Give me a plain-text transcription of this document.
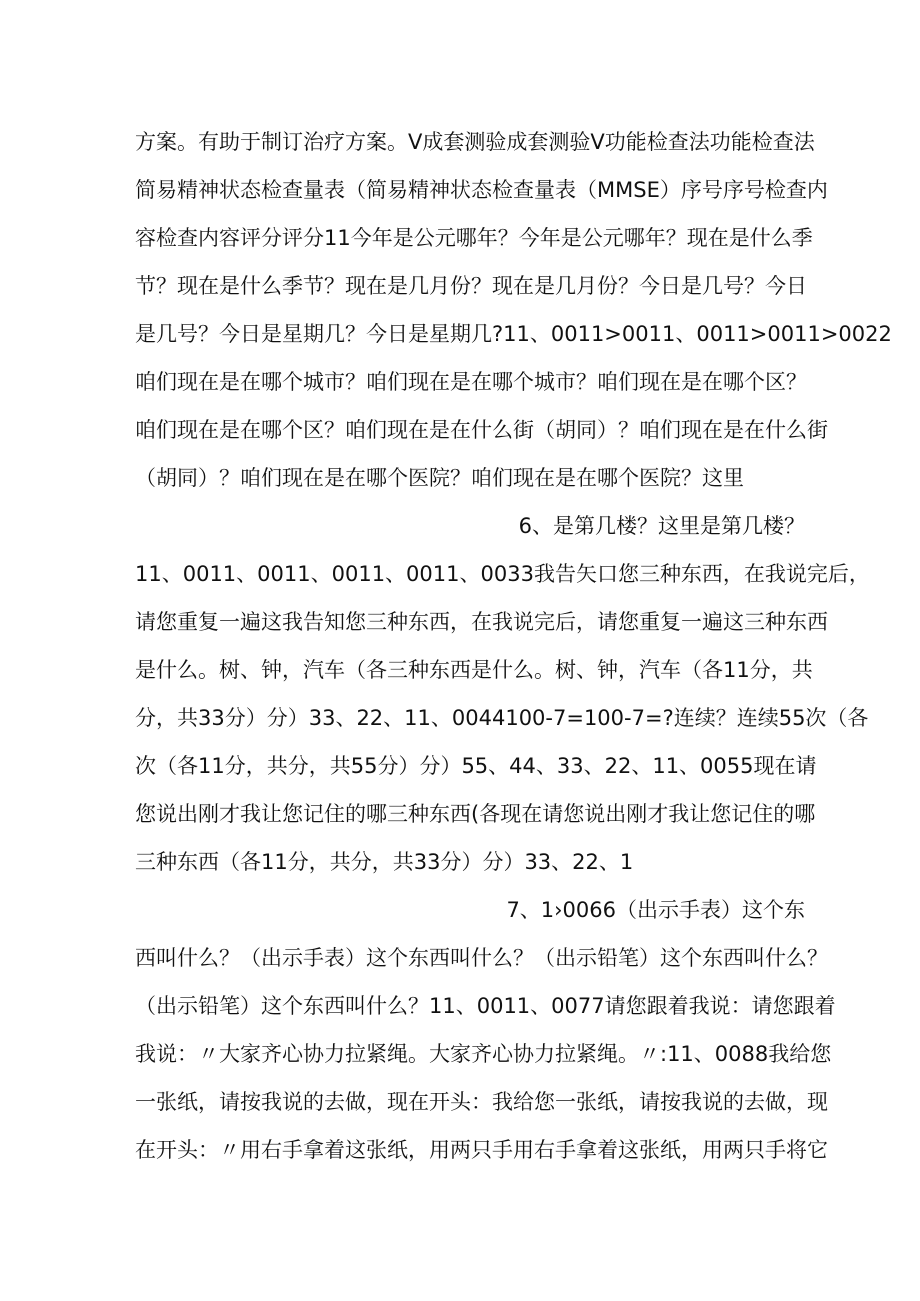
方案。有助于制订治疗方案。V成套测验成套测验V功能检查法功能检查法
简易精神状态检查量表（简易精神状态检查量表（MMSE）序号序号检查内
容检查内容评分评分11今年是公元哪年？今年是公元哪年？现在是什么季
节？现在是什么季节？现在是几月份？现在是几月份？今日是几号？今日
是几号？今日是星期几？今日是星期几?11、0011>0011、0011>0011>0022
咱们现在是在哪个城市？咱们现在是在哪个城市？咱们现在是在哪个区？
咱们现在是在哪个区？咱们现在是在什么街（胡同）？咱们现在是在什么街
（胡同）？咱们现在是在哪个医院？咱们现在是在哪个医院？这里
6、是第几楼？这里是第几楼？
11、0011、0011、0011、0011、0033我告矢口您三种东西，在我说完后，
请您重复一遍这我告知您三种东西，在我说完后，请您重复一遍这三种东西
是什么。树、钟，汽车（各三种东西是什么。树、钟，汽车（各11分，共
分，共33分）分）33、22、11、0044100-7=100-7=?连续？连续55次（各
次（各11分，共分，共55分）分）55、44、33、22、11、0055现在请
您说出刚才我让您记住的哪三种东西(各现在请您说出刚才我让您记住的哪
三种东西（各11分，共分，共33分）分）33、22、1
7、1›0066（出示手表）这个东
西叫什么？（出示手表）这个东西叫什么？（出示铅笔）这个东西叫什么？
（出示铅笔）这个东西叫什么？11、0011、0077请您跟着我说：请您跟着
我说：〃大家齐心协力拉紧绳。大家齐心协力拉紧绳。〃:11、0088我给您
一张纸，请按我说的去做，现在开头：我给您一张纸，请按我说的去做，现
在开头：〃用右手拿着这张纸，用两只手用右手拿着这张纸，用两只手将它
